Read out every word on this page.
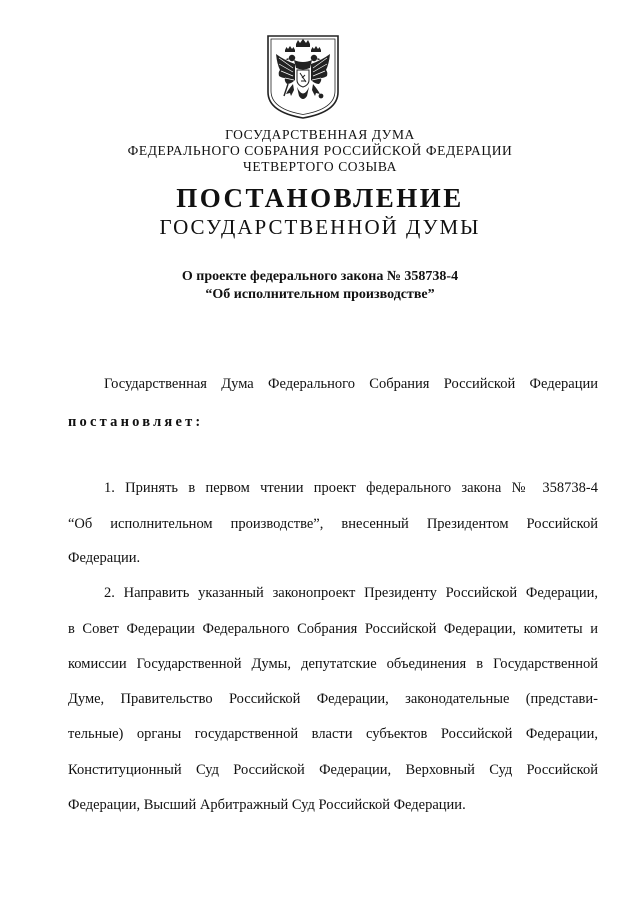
ГОСУДАРСТВЕННАЯ ДУМА
ФЕДЕРАЛЬНОГО СОБРАНИЯ РОССИЙСКОЙ ФЕДЕРАЦИИ
ЧЕТВЕРТОГО СОЗЫВА
ПОСТАНОВЛЕНИЕ
ГОСУДАРСТВЕННОЙ ДУМЫ
О проекте федерального закона № 358738-4
“Об исполнительном производстве”
Государственная Дума Федерального Собрания Российской Федерации
постановляет:
1. Принять в первом чтении проект федерального закона № 358738-4
“Об исполнительном производстве”, внесенный Президентом Российской
Федерации.
2. Направить указанный законопроект Президенту Российской Федерации,
в Совет Федерации Федерального Собрания Российской Федерации, комитеты и
комиссии Государственной Думы, депутатские объединения в Государственной
Думе, Правительство Российской Федерации, законодательные (представи-
тельные) органы государственной власти субъектов Российской Федерации,
Конституционный Суд Российской Федерации, Верховный Суд Российской
Федерации, Высший Арбитражный Суд Российской Федерации.
